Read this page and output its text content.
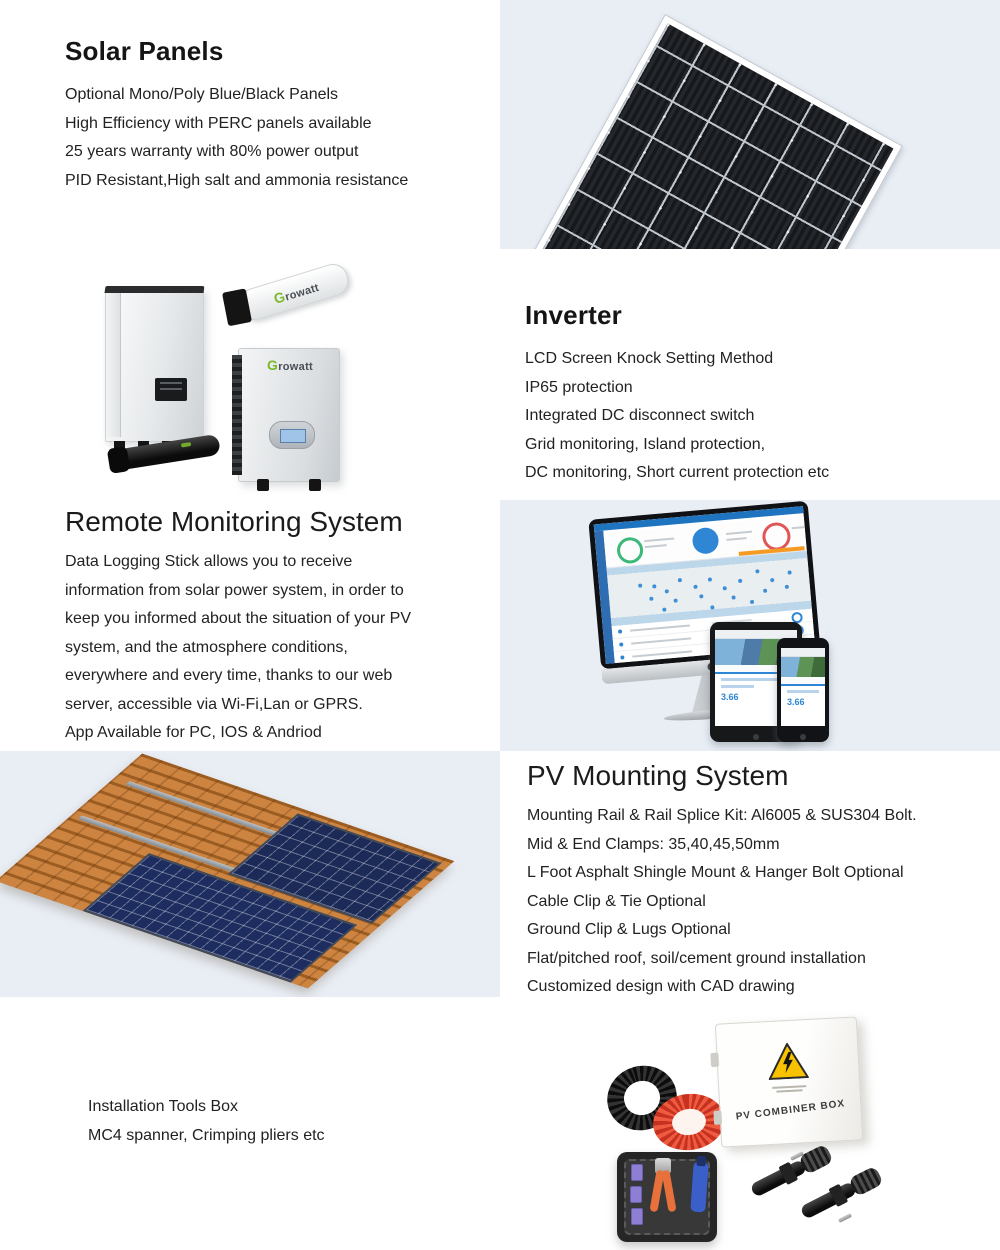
Solar Panels
Optional Mono/Poly Blue/Black Panels
High Efficiency with PERC panels available
25 years warranty with 80% power output
PID Resistant,High salt and ammonia resistance
Growatt
Growatt
Inverter
LCD Screen Knock Setting Method
IP65 protection
Integrated DC disconnect switch
Grid monitoring, Island protection,
DC monitoring, Short current protection etc
Remote Monitoring System
Data Logging Stick allows you to receive
information from solar power system, in order to
keep you informed about the situation of your PV
system, and the atmosphere conditions,
everywhere and every time, thanks to our web
server, accessible via Wi-Fi,Lan or GPRS.
App Available for PC, IOS & Andriod
3.66	3.66
PV Mounting System
Mounting Rail & Rail Splice Kit: Al6005 & SUS304 Bolt.
Mid & End Clamps: 35,40,45,50mm
L Foot Asphalt Shingle Mount & Hanger Bolt Optional
Cable Clip & Tie Optional
Ground Clip & Lugs Optional
Flat/pitched roof, soil/cement ground installation
Customized design with CAD drawing
Installation Tools Box
MC4 spanner, Crimping pliers etc
PV COMBINER BOX
